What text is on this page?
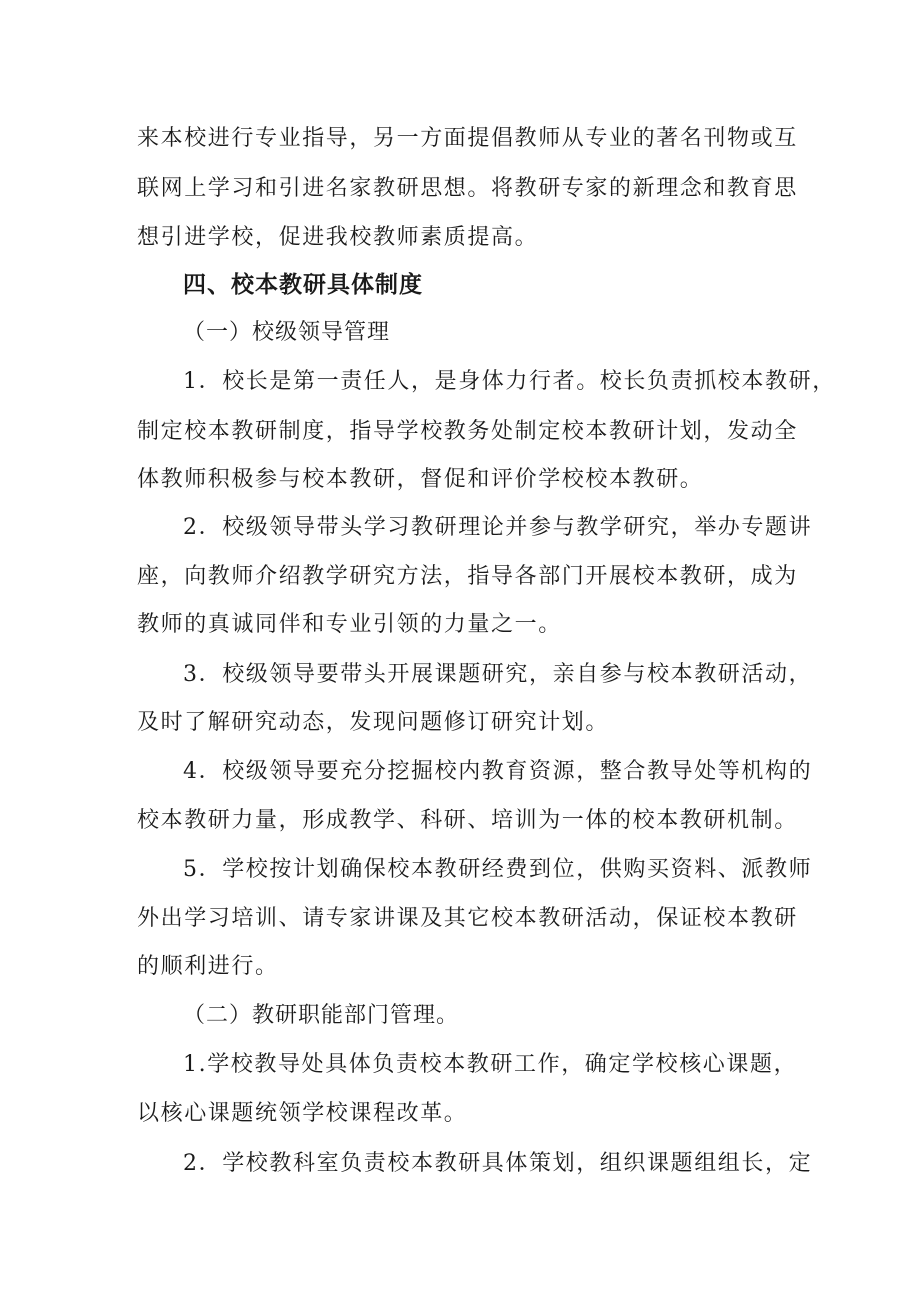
来本校进行专业指导，另一方面提倡教师从专业的著名刊物或互
联网上学习和引进名家教研思想。将教研专家的新理念和教育思
想引进学校，促进我校教师素质提高。
四、校本教研具体制度
（一）校级领导管理
1．校长是第一责任人，是身体力行者。校长负责抓校本教研，
制定校本教研制度，指导学校教务处制定校本教研计划，发动全
体教师积极参与校本教研，督促和评价学校校本教研。
2．校级领导带头学习教研理论并参与教学研究，举办专题讲
座，向教师介绍教学研究方法，指导各部门开展校本教研，成为
教师的真诚同伴和专业引领的力量之一。
3．校级领导要带头开展课题研究，亲自参与校本教研活动，
及时了解研究动态，发现问题修订研究计划。
4．校级领导要充分挖掘校内教育资源，整合教导处等机构的
校本教研力量，形成教学、科研、培训为一体的校本教研机制。
5．学校按计划确保校本教研经费到位，供购买资料、派教师
外出学习培训、请专家讲课及其它校本教研活动，保证校本教研
的顺利进行。
（二）教研职能部门管理。
1.学校教导处具体负责校本教研工作，确定学校核心课题，
以核心课题统领学校课程改革。
2．学校教科室负责校本教研具体策划，组织课题组组长，定
